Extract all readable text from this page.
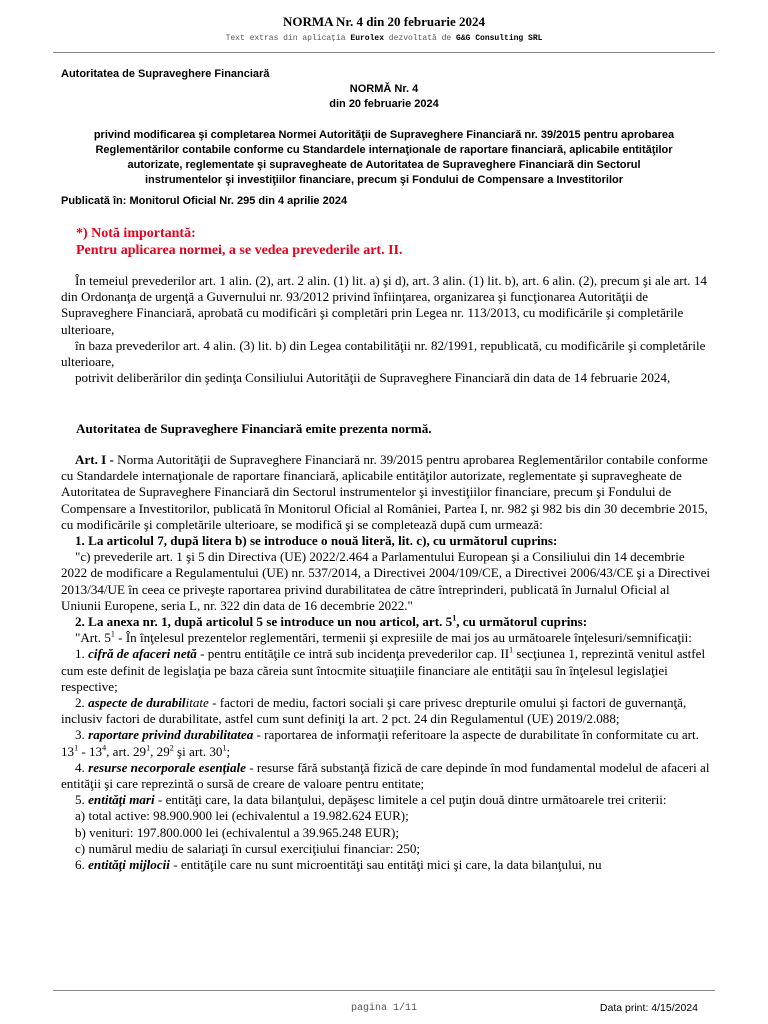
NORMA Nr. 4 din 20 februarie 2024
Text extras din aplicaţia Eurolex dezvoltată de G&G Consulting SRL
Autoritatea de Supraveghere Financiară
NORMĂ Nr. 4
din 20 februarie 2024
privind modificarea şi completarea Normei Autorităţii de Supraveghere Financiară nr. 39/2015 pentru aprobarea
Reglementărilor contabile conforme cu Standardele internaţionale de raportare financiară, aplicabile entităţilor
autorizate, reglementate şi supravegheate de Autoritatea de Supraveghere Financiară din Sectorul
instrumentelor şi investiţiilor financiare, precum şi Fondului de Compensare a Investitorilor
Publicată în: Monitorul Oficial Nr. 295 din 4 aprilie 2024
*) Notă importantă:
Pentru aplicarea normei, a se vedea prevederile art. II.

În temeiul prevederilor art. 1 alin. (2), art. 2 alin. (1) lit. a) şi d), art. 3 alin. (1) lit. b), art. 6 alin. (2), precum şi ale art. 14 din Ordonanţa de urgenţă a Guvernului nr. 93/2012 privind înfiinţarea, organizarea şi funcţionarea Autorităţii de Supraveghere Financiară, aprobată cu modificări şi completări prin Legea nr. 113/2013, cu modificările şi completările ulterioare,

în baza prevederilor art. 4 alin. (3) lit. b) din Legea contabilităţii nr. 82/1991, republicată, cu modificările şi completările ulterioare,

potrivit deliberărilor din şedinţa Consiliului Autorităţii de Supraveghere Financiară din data de 14 februarie 2024,

Autoritatea de Supraveghere Financiară emite prezenta normă.

Art. I - Norma Autorităţii de Supraveghere Financiară nr. 39/2015 pentru aprobarea Reglementărilor contabile conforme cu Standardele internaţionale de raportare financiară, aplicabile entităţilor autorizate, reglementate şi supravegheate de Autoritatea de Supraveghere Financiară din Sectorul instrumentelor şi investiţiilor financiare, precum şi Fondului de Compensare a Investitorilor, publicată în Monitorul Oficial al României, Partea I, nr. 982 şi 982 bis din 30 decembrie 2015, cu modificările şi completările ulterioare, se modifică şi se completează după cum urmează:

1. La articolul 7, după litera b) se introduce o nouă literă, lit. c), cu următorul cuprins:

"c) prevederile art. 1 şi 5 din Directiva (UE) 2022/2.464 a Parlamentului European şi a Consiliului din 14 decembrie 2022 de modificare a Regulamentului (UE) nr. 537/2014, a Directivei 2004/109/CE, a Directivei 2006/43/CE şi a Directivei 2013/34/UE în ceea ce priveşte raportarea privind durabilitatea de către întreprinderi, publicată în Jurnalul Oficial al Uniunii Europene, seria L, nr. 322 din data de 16 decembrie 2022."

2. La anexa nr. 1, după articolul 5 se introduce un nou articol, art. $5^1$, cu următorul cuprins:

"Art. $5^1$ - În înţelesul prezentelor reglementări, termenii şi expresiile de mai jos au următoarele înţelesuri/semnificaţii:

1. cifră de afaceri netă - pentru entităţile ce intră sub incidenţa prevederilor cap. $II^1$ secţiunea 1, reprezintă venitul astfel cum este definit de legislaţia pe baza căreia sunt întocmite situaţiile financiare ale entităţii sau în înţelesul legislaţiei respective;

2. aspecte de durabilitate - factori de mediu, factori sociali şi care privesc drepturile omului şi factori de guvernanţă, inclusiv factori de durabilitate, astfel cum sunt definiţi la art. 2 pct. 24 din Regulamentul (UE) 2019/2.088;

3. raportare privind durabilitatea - raportarea de informaţii referitoare la aspecte de durabilitate în conformitate cu art. $13^1 - 13^4$, art. $29^1$, $29^2$ şi art. $30^1$;

4. resurse necorporale esenţiale - resurse fără substanţă fizică de care depinde în mod fundamental modelul de afaceri al entităţii şi care reprezintă o sursă de creare de valoare pentru entitate;

5. entităţi mari - entităţi care, la data bilanţului, depăşesc limitele a cel puţin două dintre următoarele trei criterii:

a) total active: 98.900.900 lei (echivalentul a 19.982.624 EUR);

b) venituri: 197.800.000 lei (echivalentul a 39.965.248 EUR);

c) numărul mediu de salariaţi în cursul exerciţiului financiar: 250;

6. entităţi mijlocii - entităţile care nu sunt microentităţi sau entităţi mici şi care, la data bilanţului, nu

pagina 1/11	Data print: 4/15/2024
